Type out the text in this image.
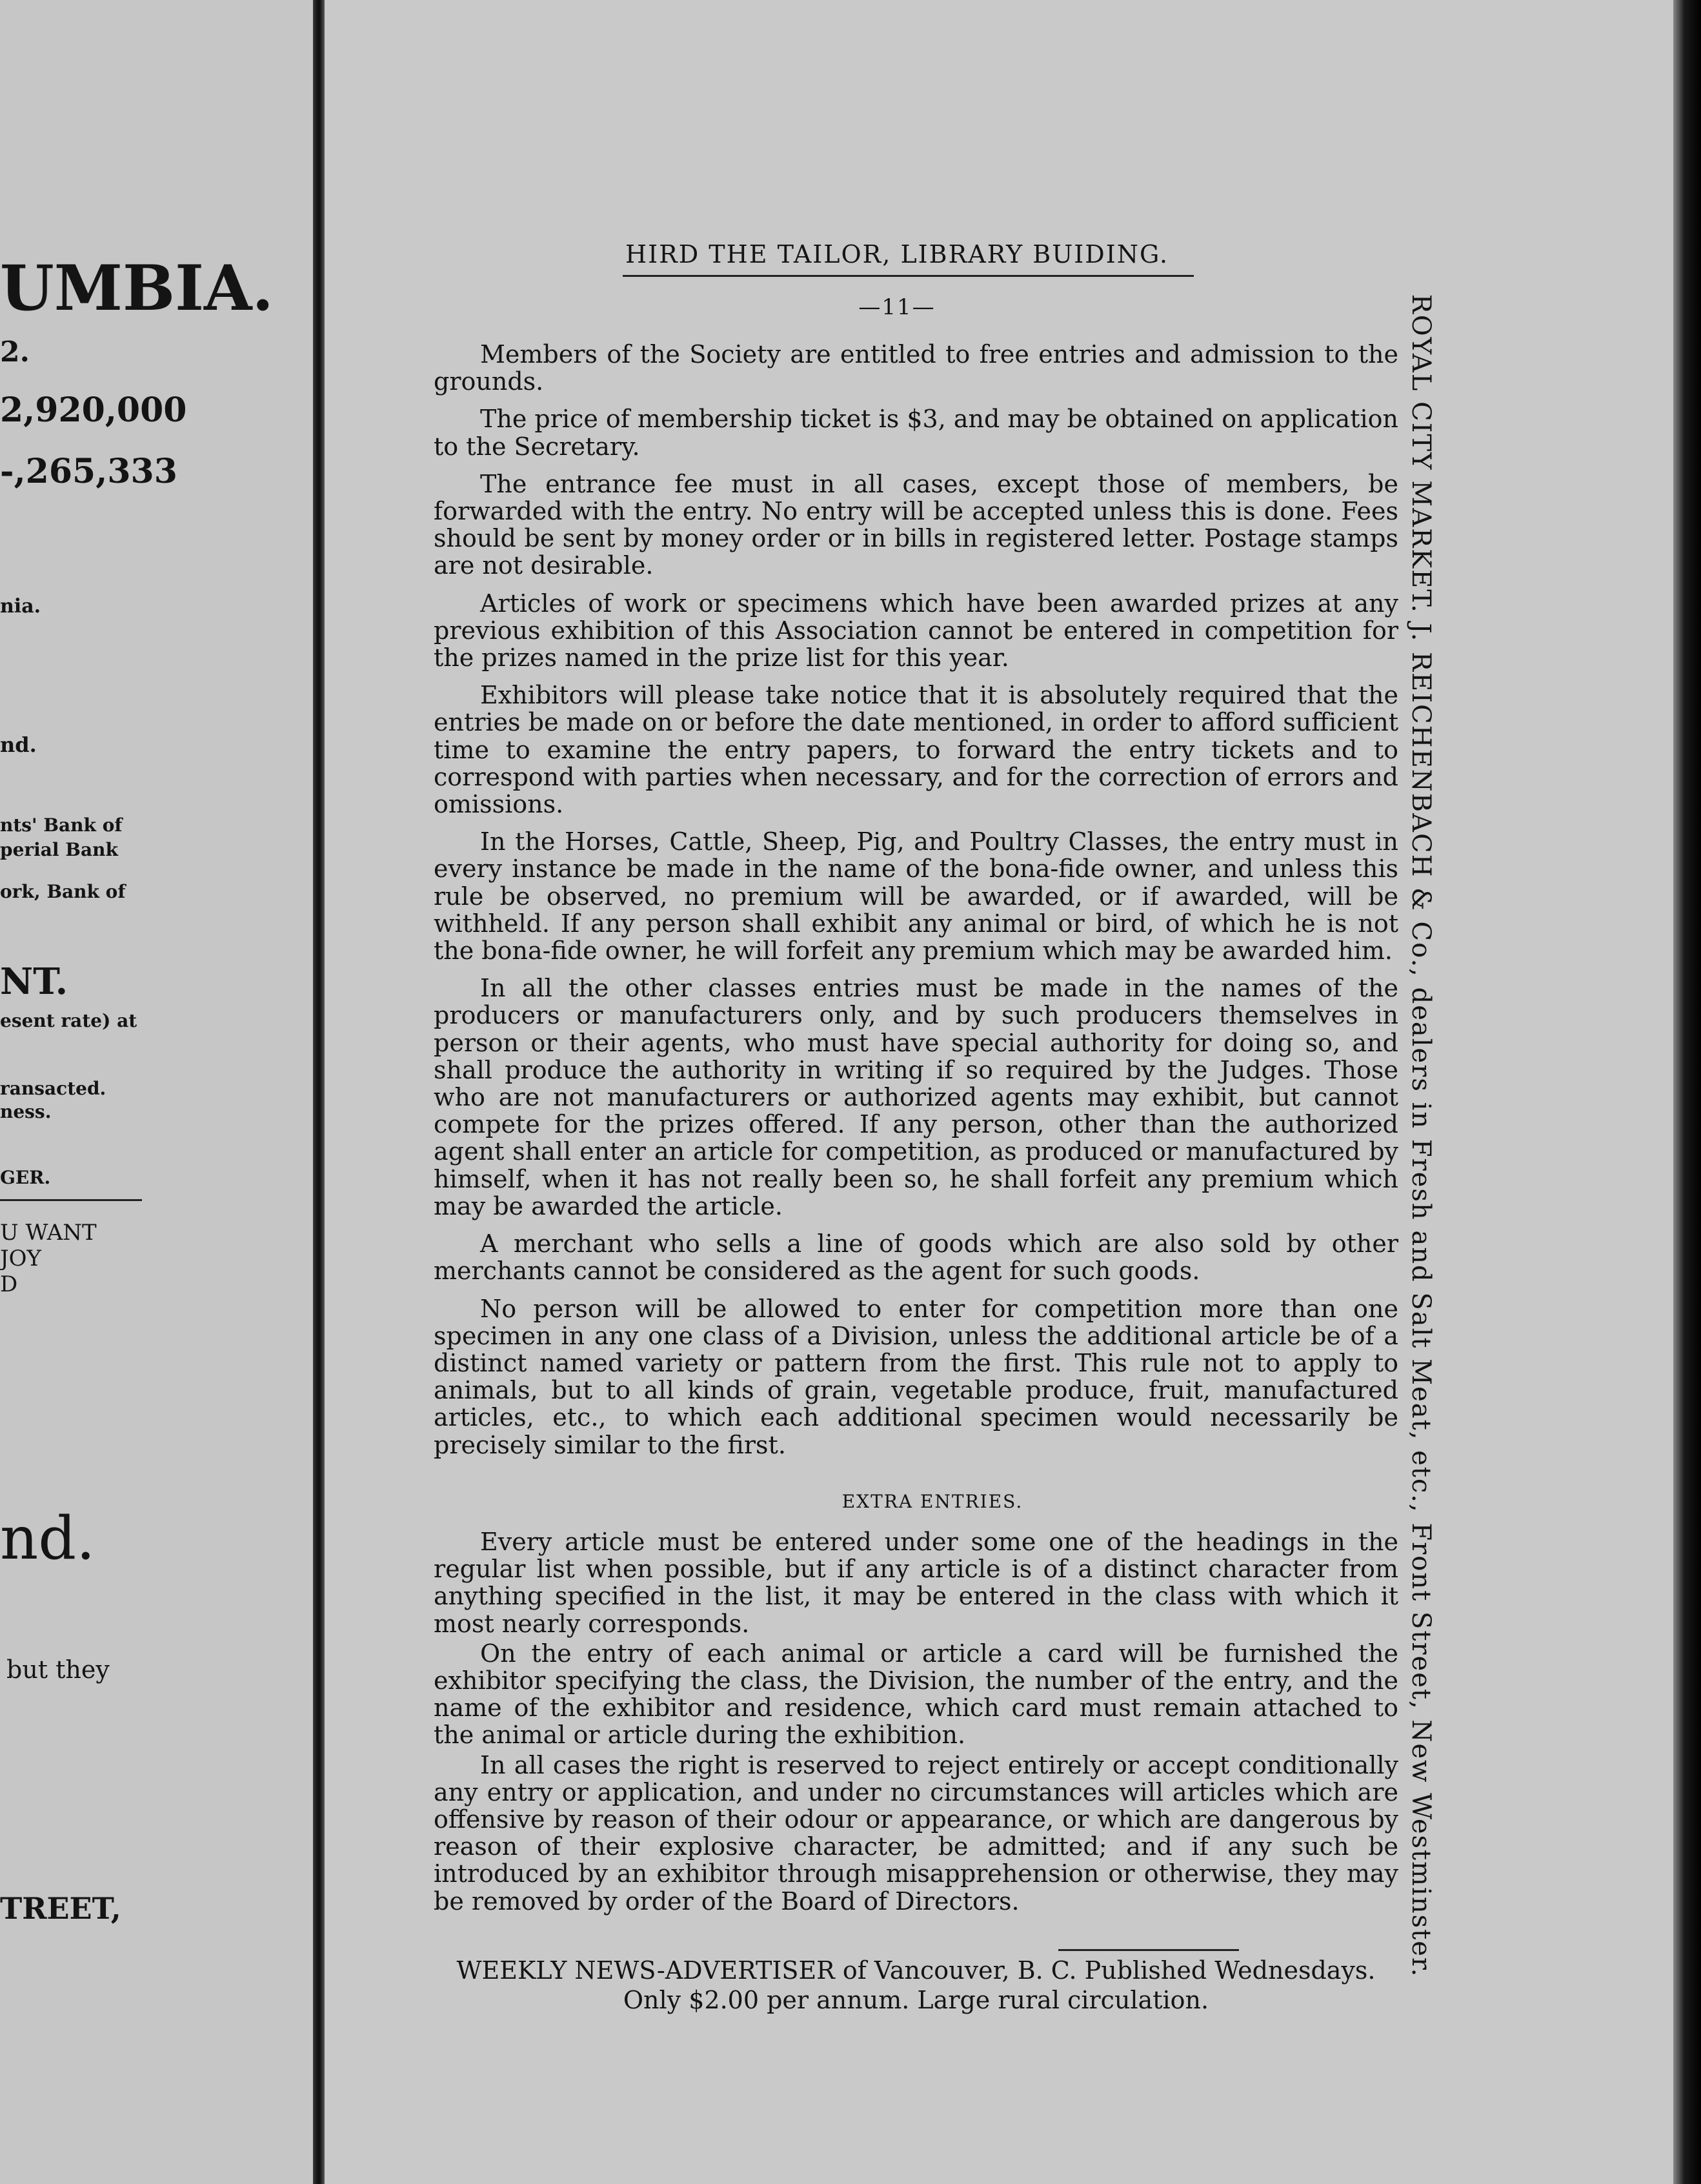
UMBIA.
2.
2,920,000
-,265,333
nia.
nd.
nts' Bank of
perial Bank
ork, Bank of
NT.
esent rate) at
ransacted.
ness.
GER.
U WANT
JOY
D
nd.
but they
TREET,
HIRD THE TAILOR, LIBRARY BUIDING.
—11—

Members of the Society are entitled to free entries and admission to the grounds.

The price of membership ticket is $3, and may be obtained on application to the Secretary.

The entrance fee must in all cases, except those of members, be forwarded with the entry. No entry will be accepted unless this is done. Fees should be sent by money order or in bills in registered letter. Postage stamps are not desirable.

Articles of work or specimens which have been awarded prizes at any previous exhibition of this Association cannot be entered in competition for the prizes named in the prize list for this year.

Exhibitors will please take notice that it is absolutely required that the entries be made on or before the date mentioned, in order to afford sufficient time to examine the entry papers, to forward the entry tickets and to correspond with parties when necessary, and for the correction of errors and omissions.

In the Horses, Cattle, Sheep, Pig, and Poultry Classes, the entry must in every instance be made in the name of the bona-fide owner, and unless this rule be observed, no premium will be awarded, or if awarded, will be withheld. If any person shall exhibit any animal or bird, of which he is not the bona-fide owner, he will forfeit any premium which may be awarded him.

In all the other classes entries must be made in the names of the producers or manufacturers only, and by such producers themselves in person or their agents, who must have special authority for doing so, and shall produce the authority in writing if so required by the Judges. Those who are not manufacturers or authorized agents may exhibit, but cannot compete for the prizes offered. If any person, other than the authorized agent shall enter an article for competition, as produced or manufactured by himself, when it has not really been so, he shall forfeit any premium which may be awarded the article.

A merchant who sells a line of goods which are also sold by other merchants cannot be considered as the agent for such goods.

No person will be allowed to enter for competition more than one specimen in any one class of a Division, unless the additional article be of a distinct named variety or pattern from the first. This rule not to apply to animals, but to all kinds of grain, vegetable produce, fruit, manufactured articles, etc., to which each additional specimen would necessarily be precisely similar to the first.

EXTRA ENTRIES.

Every article must be entered under some one of the headings in the regular list when possible, but if any article is of a distinct character from anything specified in the list, it may be entered in the class with which it most nearly corresponds.

On the entry of each animal or article a card will be furnished the exhibitor specifying the class, the Division, the number of the entry, and the name of the exhibitor and residence, which card must remain attached to the animal or article during the exhibition.

In all cases the right is reserved to reject entirely or accept conditionally any entry or application, and under no circumstances will articles which are offensive by reason of their odour or appearance, or which are dangerous by reason of their explosive character, be admitted; and if any such be introduced by an exhibitor through misapprehension or otherwise, they may be removed by order of the Board of Directors.	ROYAL CITY MARKET. J. REICHENBACH & Co., dealers in Fresh and Salt Meat, etc., Front Street, New Westminster.
WEEKLY NEWS-ADVERTISER of Vancouver, B. C. Published Wednesdays. Only $2.00 per annum. Large rural circulation.
